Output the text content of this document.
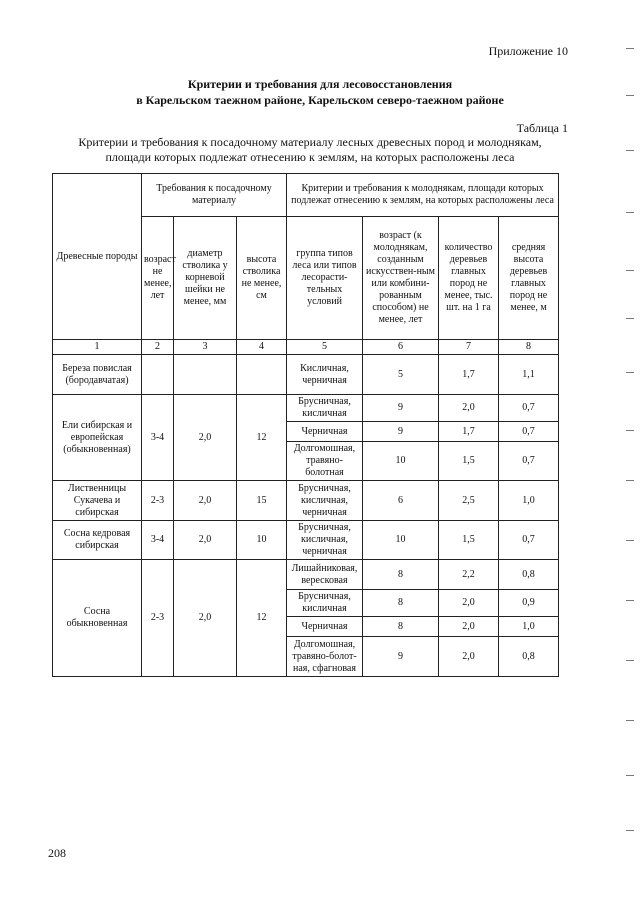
Приложение 10
Критерии и требования для лесовосстановления
в Карельском таежном районе, Карельском северо-таежном районе
Таблица 1
Критерии и требования к посадочному материалу лесных древесных пород и молоднякам,
площади которых подлежат отнесению к землям, на которых расположены леса
Древесные породы	Требования к посадочному материалу			Критерии и требования к молоднякам, площади которых подлежат отнесению к землям, на которых расположены леса			
	возраст не менее, лет	диаметр стволика у корневой шейки не менее, мм	высота стволика не менее, см	группа типов леса или типов лесорасти-тельных условий	возраст (к молоднякам, созданным искусствен-ным или комбини-рованным способом) не менее, лет	количество деревьев главных пород не менее, тыс. шт. на 1 га	средняя высота деревьев главных пород не менее, м
1	2	3	4	5	6	7	8
Береза повислая (бородавчатая)				Кисличная, черничная	5	1,7	1,1
Ели сибирская и европейская (обыкновенная)	3-4	2,0	12	Брусничная, кисличная	9	2,0	0,7
				Черничная	9	1,7	0,7
				Долгомошная, травяно-болотная	10	1,5	0,7
Лиственницы Сукачева и сибирская	2-3	2,0	15	Брусничная, кисличная, черничная	6	2,5	1,0
Сосна кедровая сибирская	3-4	2,0	10	Брусничная, кисличная, черничная	10	1,5	0,7
Сосна обыкновенная	2-3	2,0	12	Лишайниковая, вересковая	8	2,2	0,8
				Брусничная, кисличная	8	2,0	0,9
				Черничная	8	2,0	1,0
				Долгомошная, травяно-болот-ная, сфагновая	9	2,0	0,8
208
